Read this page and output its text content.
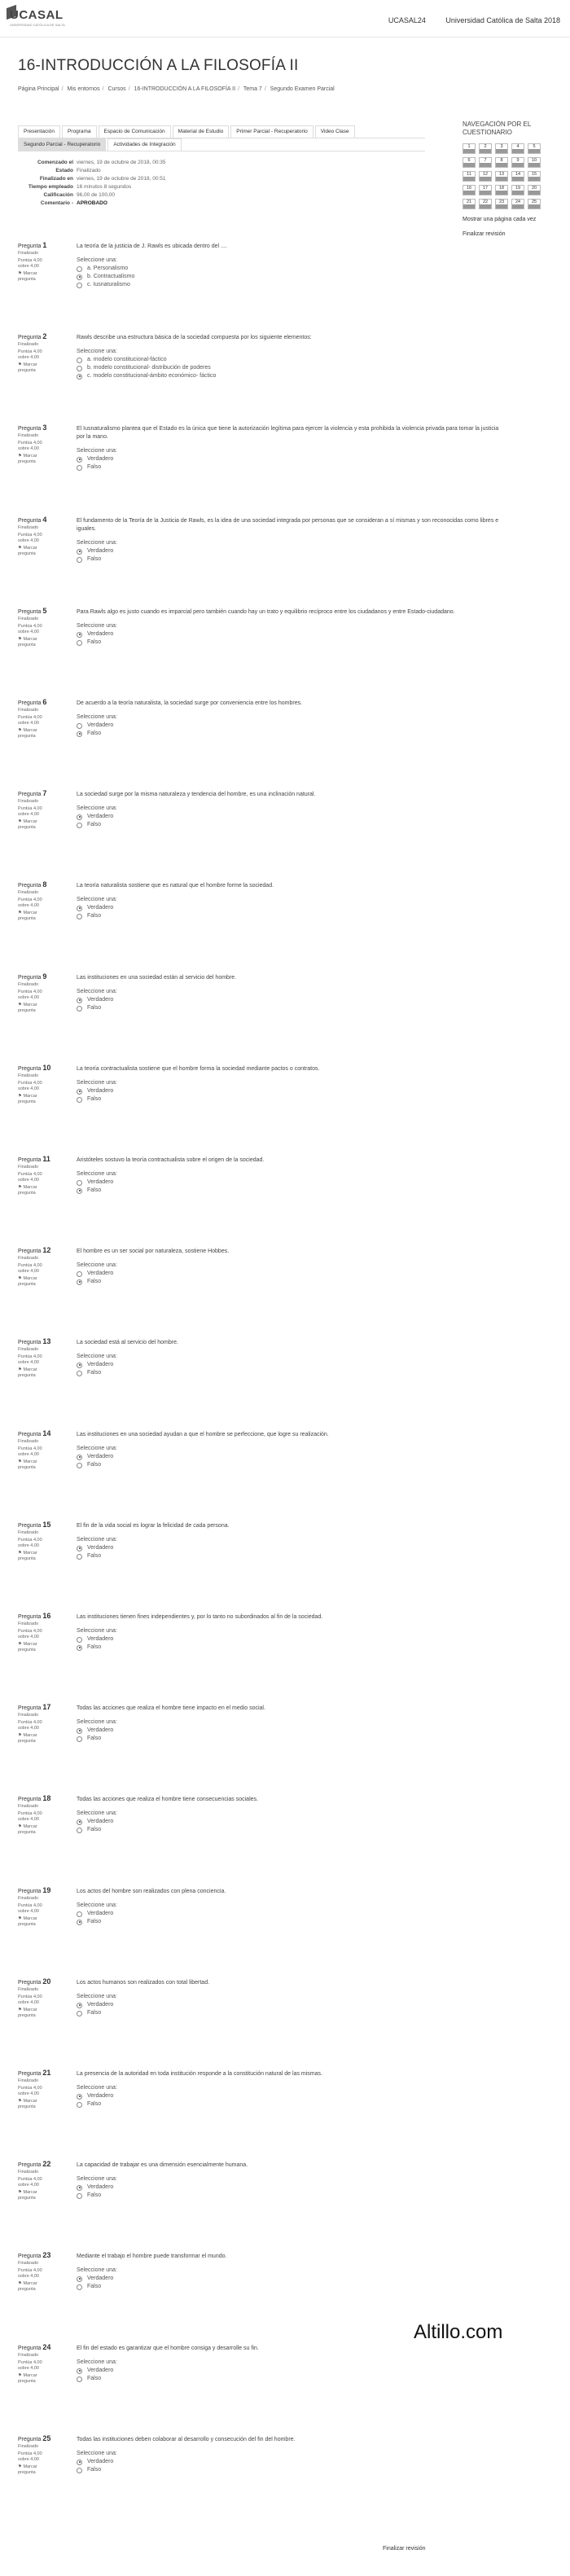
UCASAL
UNIVERSIDAD CATÓLICA DE SALTA
UCASAL24	Universidad Católica de Salta 2018
16-INTRODUCCIÓN A LA FILOSOFÍA II
Página Principal / Mis entornos / Cursos / 16-INTRODUCCIÓN A LA FILOSOFÍA II / Tema 7 / Segundo Examen Parcial
Presentación	Programa	Espacio de Comunicación	Material de Estudio	Primer Parcial - Recuperatorio	Video Clase
Segundo Parcial - Recuperatorio	Actividades de Integración
Comenzado el viernes, 19 de octubre de 2018, 00:35
Estado Finalizado
Finalizado en viernes, 19 de octubre de 2018, 00:51
Tiempo empleado 16 minutos 8 segundos
Calificación 96,00 de 100,00
Comentario - APROBADO
NAVEGACIÓN POR EL CUESTIONARIO
1	2	3	4	5
6	7	8	9	10
11	12	13	14	15
16	17	18	19	20
21	22	23	24	25
Mostrar una página cada vez
Finalizar revisión
Pregunta 1
Finalizado
Puntúa 4,00 sobre 4,00
⚑ Marcar pregunta
La teoría de la justicia de J. Rawls es ubicada dentro del ....
Seleccione una:
a. Personalismo
b. Contractualismo
c. Iusnaturalismo
Pregunta 2
Finalizado
Puntúa 4,00 sobre 4,00
⚑ Marcar pregunta
Rawls describe una estructura básica de la sociedad compuesta por los siguiente elementos:
Seleccione una:
a. modelo constitucional-fáctico
b. modelo constitucional- distribución de poderes
c. modelo constitucional-ámbito económico- fáctico
Pregunta 3
Finalizado
Puntúa 4,00 sobre 4,00
⚑ Marcar pregunta
El Iusnaturalismo plantea que el Estado es la única que tiene la autorización legítima para ejercer la violencia y esta prohibida la violencia privada para tomar la justicia por la mano.
Seleccione una:
Verdadero
Falso
Pregunta 4
Finalizado
Puntúa 4,00 sobre 4,00
⚑ Marcar pregunta
El fundamento de la Teoría de la Justicia de Rawls, es la idea de una sociedad integrada por personas que se consideran a sí mismas y son reconocidas como libres e iguales.
Seleccione una:
Verdadero
Falso
Pregunta 5
Finalizado
Puntúa 4,00 sobre 4,00
⚑ Marcar pregunta
Para Rawls algo es justo cuando es imparcial pero también cuando hay un trato y equilibrio recíproco entre los ciudadanos y entre Estado-ciudadano.
Seleccione una:
Verdadero
Falso
Pregunta 6
Finalizado
Puntúa 4,00 sobre 4,00
⚑ Marcar pregunta
De acuerdo a la teoría naturalista, la sociedad surge por conveniencia entre los hombres.
Seleccione una:
Verdadero
Falso
Pregunta 7
Finalizado
Puntúa 4,00 sobre 4,00
⚑ Marcar pregunta
La sociedad surge por la misma naturaleza y tendencia del hombre, es una inclinación natural.
Seleccione una:
Verdadero
Falso
Pregunta 8
Finalizado
Puntúa 4,00 sobre 4,00
⚑ Marcar pregunta
La teoría naturalista sostiene que es natural que el hombre forme la sociedad.
Seleccione una:
Verdadero
Falso
Pregunta 9
Finalizado
Puntúa 4,00 sobre 4,00
⚑ Marcar pregunta
Las instituciones en una sociedad están al servicio del hombre.
Seleccione una:
Verdadero
Falso
Pregunta 10
Finalizado
Puntúa 4,00 sobre 4,00
⚑ Marcar pregunta
La teoría contractualista sostiene que el hombre forma la sociedad mediante pactos o contratos.
Seleccione una:
Verdadero
Falso
Pregunta 11
Finalizado
Puntúa 4,00 sobre 4,00
⚑ Marcar pregunta
Aristóteles sostuvo la teoría contractualista sobre el origen de la sociedad.
Seleccione una:
Verdadero
Falso
Pregunta 12
Finalizado
Puntúa 4,00 sobre 4,00
⚑ Marcar pregunta
El hombre es un ser social por naturaleza, sostiene Hobbes.
Seleccione una:
Verdadero
Falso
Pregunta 13
Finalizado
Puntúa 4,00 sobre 4,00
⚑ Marcar pregunta
La sociedad está al servicio del hombre.
Seleccione una:
Verdadero
Falso
Pregunta 14
Finalizado
Puntúa 4,00 sobre 4,00
⚑ Marcar pregunta
Las instituciones en una sociedad ayudan a que el hombre se perfeccione, que logre su realización.
Seleccione una:
Verdadero
Falso
Pregunta 15
Finalizado
Puntúa 4,00 sobre 4,00
⚑ Marcar pregunta
El fin de la vida social es lograr la felicidad de cada persona.
Seleccione una:
Verdadero
Falso
Pregunta 16
Finalizado
Puntúa 4,00 sobre 4,00
⚑ Marcar pregunta
Las instituciones tienen fines independientes y, por lo tanto no subordinados al fin de la sociedad.
Seleccione una:
Verdadero
Falso
Pregunta 17
Finalizado
Puntúa 4,00 sobre 4,00
⚑ Marcar pregunta
Todas las acciones que realiza el hombre tiene impacto en el medio social.
Seleccione una:
Verdadero
Falso
Pregunta 18
Finalizado
Puntúa 4,00 sobre 4,00
⚑ Marcar pregunta
Todas las acciones que realiza el hombre tiene consecuencias sociales.
Seleccione una:
Verdadero
Falso
Pregunta 19
Finalizado
Puntúa 4,00 sobre 4,00
⚑ Marcar pregunta
Los actos del hombre son realizados con plena conciencia.
Seleccione una:
Verdadero
Falso
Pregunta 20
Finalizado
Puntúa 4,00 sobre 4,00
⚑ Marcar pregunta
Los actos humanos son realizados con total libertad.
Seleccione una:
Verdadero
Falso
Pregunta 21
Finalizado
Puntúa 4,00 sobre 4,00
⚑ Marcar pregunta
La presencia de la autoridad en toda institución responde a la constitución natural de las mismas.
Seleccione una:
Verdadero
Falso
Pregunta 22
Finalizado
Puntúa 4,00 sobre 4,00
⚑ Marcar pregunta
La capacidad de trabajar es una dimensión esencialmente humana.
Seleccione una:
Verdadero
Falso
Pregunta 23
Finalizado
Puntúa 4,00 sobre 4,00
⚑ Marcar pregunta
Mediante el trabajo el hombre puede transformar el mundo.
Seleccione una:
Verdadero
Falso
Pregunta 24
Finalizado
Puntúa 4,00 sobre 4,00
⚑ Marcar pregunta
El fin del estado es garantizar que el hombre consiga y desarrolle su fin.
Seleccione una:
Verdadero
Falso
Pregunta 25
Finalizado
Puntúa 4,00 sobre 4,00
⚑ Marcar pregunta
Todas las instituciones deben colaborar al desarrollo y consecución del fin del hombre.
Seleccione una:
Verdadero
Falso
Altillo.com
Finalizar revisión
